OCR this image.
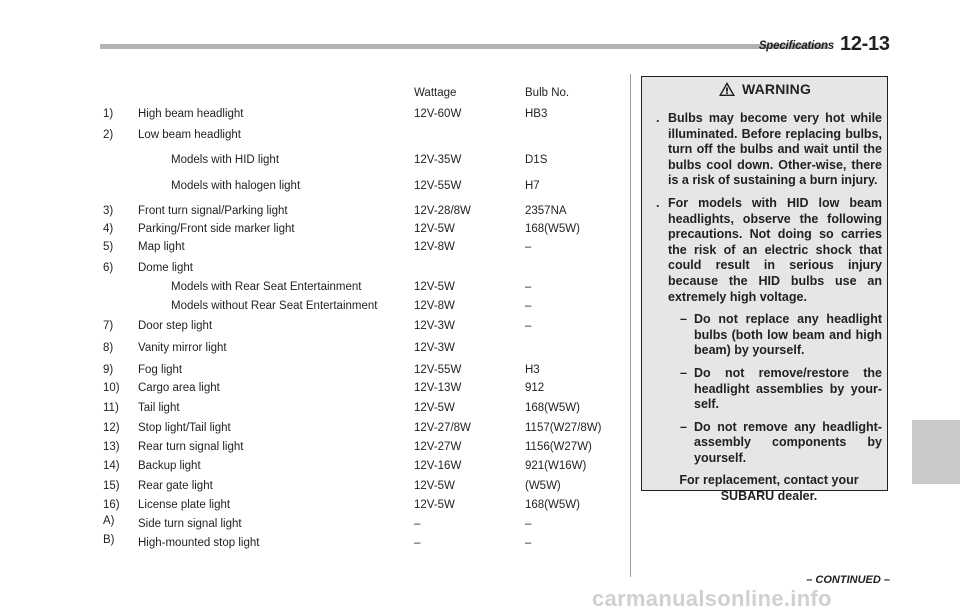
Specifications 12-13
Wattage	Bulb No.
1) High beam headlight	12V-60W	HB3
2) Low beam headlight
Models with HID light	12V-35W	D1S
Models with halogen light	12V-55W	H7
3) Front turn signal/Parking light	12V-28/8W	2357NA
4) Parking/Front side marker light	12V-5W	168(W5W)
5) Map light	12V-8W	–
6) Dome light
Models with Rear Seat Entertainment	12V-5W	–
Models without Rear Seat Entertainment	12V-8W	–
7) Door step light	12V-3W	–
8) Vanity mirror light	12V-3W
9) Fog light	12V-55W	H3
10) Cargo area light	12V-13W	912
11) Tail light	12V-5W	168(W5W)
12) Stop light/Tail light	12V-27/8W	1157(W27/8W)
13) Rear turn signal light	12V-27W	1156(W27W)
14) Backup light	12V-16W	921(W16W)
15) Rear gate light	12V-5W	(W5W)
16) License plate light	12V-5W	168(W5W)
A) Side turn signal light	–	–
B) High-mounted stop light	–	–
WARNING
. Bulbs may become very hot while illuminated. Before replacing bulbs, turn off the bulbs and wait until the bulbs cool down. Other-wise, there is a risk of sustaining a burn injury.
. For models with HID low beam headlights, observe the following precautions. Not doing so carries the risk of an electric shock that could result in serious injury because the HID bulbs use an extremely high voltage.
– Do not replace any headlight bulbs (both low beam and high beam) by yourself.
– Do not remove/restore the headlight assemblies by your-self.
– Do not remove any headlight-assembly components by yourself.
For replacement, contact your SUBARU dealer.
– CONTINUED –
carmanualsonline.info
